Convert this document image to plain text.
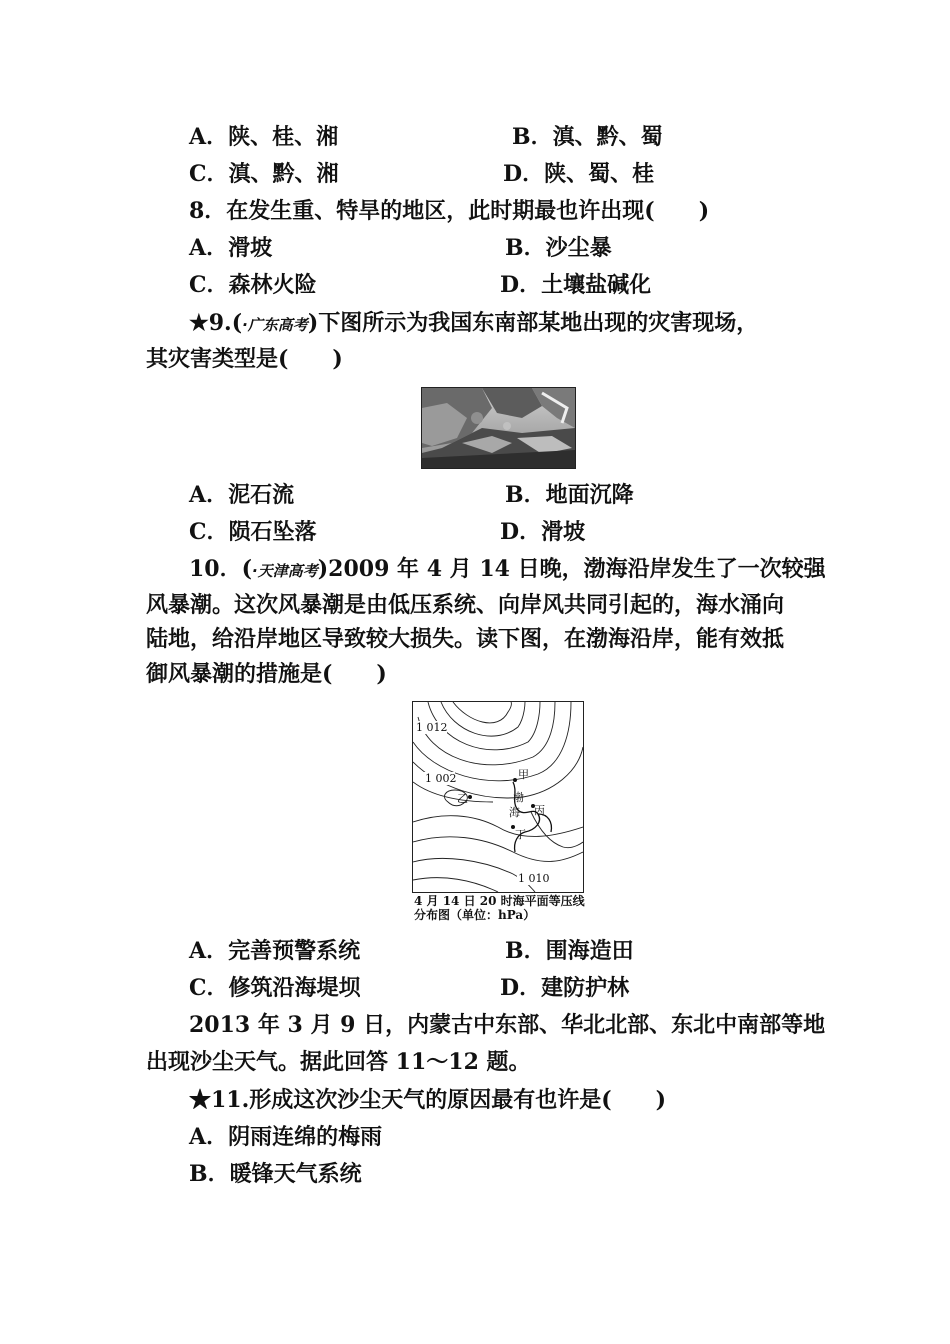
A．陕、桂、湘	B．滇、黔、蜀
C．滇、黔、湘	D．陕、蜀、桂
8．在发生重、特旱的地区，此时期最也许出现(　　)
A．滑坡	B．沙尘暴
C．森林火险	D．土壤盐碱化
★9.(·广东高考)下图所示为我国东南部某地出现的灾害现场，
其灾害类型是(　　)
A．泥石流	B．地面沉降
C．陨石坠落	D．滑坡
10．(·天津高考)2009 年 4 月 14 日晚，渤海沿岸发生了一次较强
风暴潮。这次风暴潮是由低压系统、向岸风共同引起的，海水涌向
陆地，给沿岸地区导致较大损失。读下图，在渤海沿岸，能有效抵
御风暴潮的措施是(　　)
1 012
1 002
1 010
甲
乙	渤
海 丙
丁
4 月 14 日 20 时海平面等压线
分布图（单位：hPa）
A．完善预警系统	B．围海造田
C．修筑沿海堤坝	D．建防护林
2013 年 3 月 9 日，内蒙古中东部、华北北部、东北中南部等地
出现沙尘天气。据此回答 11～12 题。
★11.形成这次沙尘天气的原因最有也许是(　　)
A．阴雨连绵的梅雨
B．暖锋天气系统
